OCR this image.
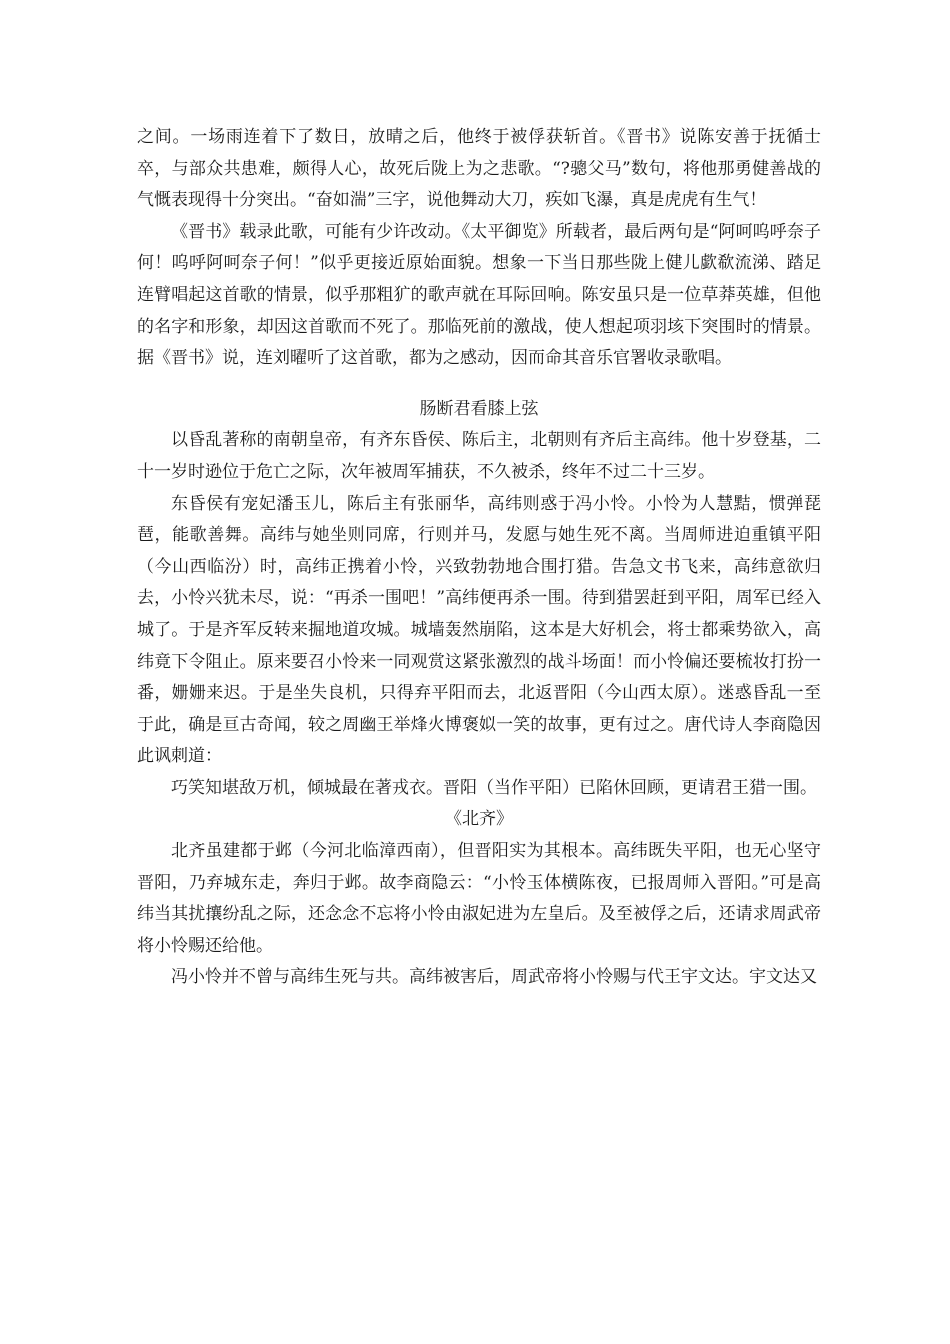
之间。一场雨连着下了数日，放晴之后，他终于被俘获斩首。《晋书》说陈安善于抚循士卒，与部众共患难，颇得人心，故死后陇上为之悲歌。“?骢父马”数句，将他那勇健善战的气慨表现得十分突出。“奋如湍”三字，说他舞动大刀，疾如飞瀑，真是虎虎有生气！

《晋书》载录此歌，可能有少许改动。《太平御览》所载者，最后两句是“阿呵呜呼奈子何！呜呼阿呵奈子何！”似乎更接近原始面貌。想象一下当日那些陇上健儿歔欷流涕、踏足连臂唱起这首歌的情景，似乎那粗犷的歌声就在耳际回响。陈安虽只是一位草莽英雄，但他的名字和形象，却因这首歌而不死了。那临死前的激战，使人想起项羽垓下突围时的情景。据《晋书》说，连刘曜听了这首歌，都为之感动，因而命其音乐官署收录歌唱。

肠断君看膝上弦

以昏乱著称的南朝皇帝，有齐东昏侯、陈后主，北朝则有齐后主高纬。他十岁登基，二十一岁时逊位于危亡之际，次年被周军捕获，不久被杀，终年不过二十三岁。

东昏侯有宠妃潘玉儿，陈后主有张丽华，高纬则惑于冯小怜。小怜为人慧黠，惯弹琵琶，能歌善舞。高纬与她坐则同席，行则并马，发愿与她生死不离。当周师进迫重镇平阳（今山西临汾）时，高纬正携着小怜，兴致勃勃地合围打猎。告急文书飞来，高纬意欲归去，小怜兴犹未尽，说：“再杀一围吧！”高纬便再杀一围。待到猎罢赶到平阳，周军已经入城了。于是齐军反转来掘地道攻城。城墙轰然崩陷，这本是大好机会，将士都乘势欲入，高纬竟下令阻止。原来要召小怜来一同观赏这紧张激烈的战斗场面！而小怜偏还要梳妆打扮一番，姗姗来迟。于是坐失良机，只得弃平阳而去，北返晋阳（今山西太原）。迷惑昏乱一至于此，确是亘古奇闻，较之周幽王举烽火博褒姒一笑的故事，更有过之。唐代诗人李商隐因此讽刺道：

巧笑知堪敌万机，倾城最在著戎衣。晋阳（当作平阳）已陷休回顾，更请君王猎一围。

《北齐》

北齐虽建都于邺（今河北临漳西南），但晋阳实为其根本。高纬既失平阳，也无心坚守晋阳，乃弃城东走，奔归于邺。故李商隐云：“小怜玉体横陈夜，已报周师入晋阳。”可是高纬当其扰攘纷乱之际，还念念不忘将小怜由淑妃进为左皇后。及至被俘之后，还请求周武帝将小怜赐还给他。

冯小怜并不曾与高纬生死与共。高纬被害后，周武帝将小怜赐与代王宇文达。宇文达又
